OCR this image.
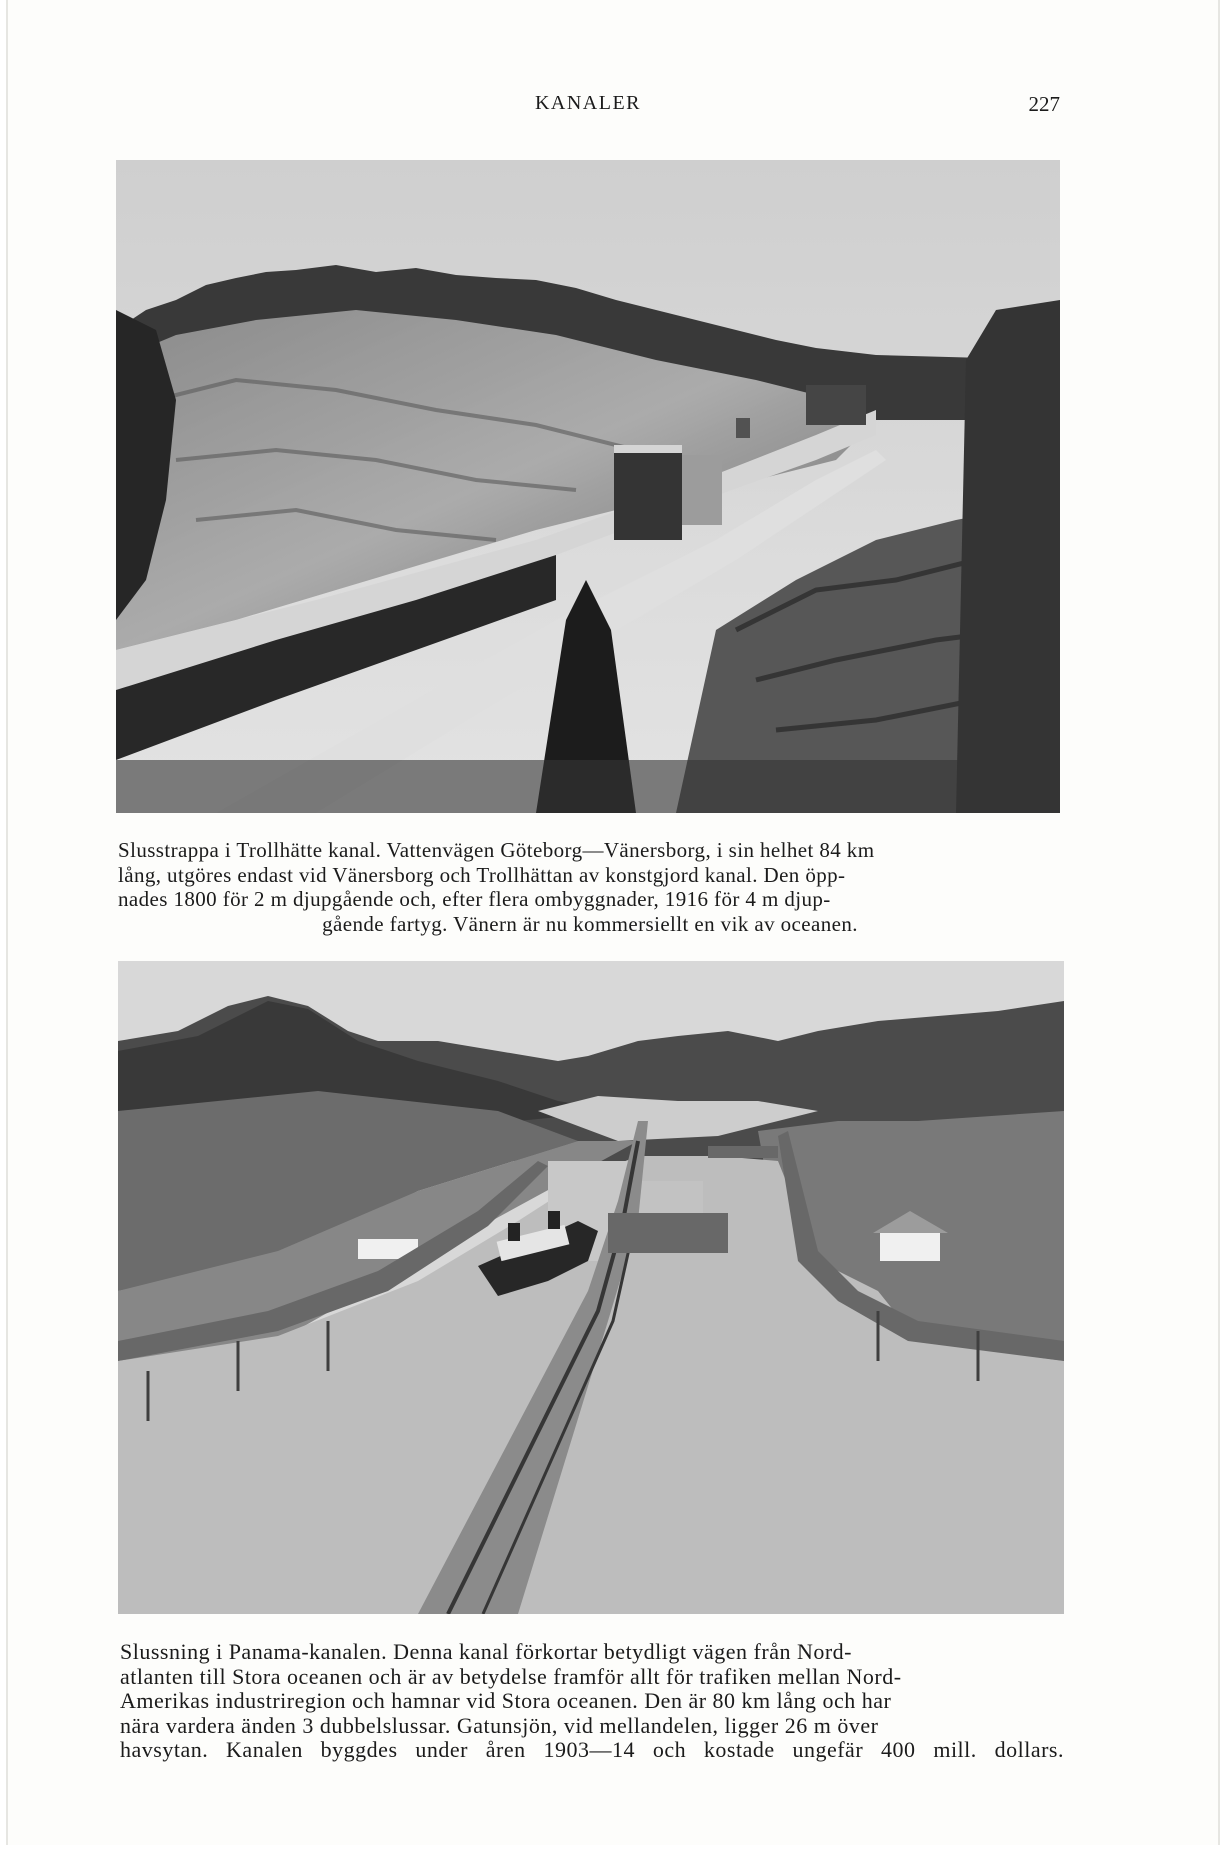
KANALER	227

Slusstrappa i Trollhätte kanal. Vattenvägen Göteborg—Vänersborg, i sin helhet 84 km

lång, utgöres endast vid Vänersborg och Trollhättan av konstgjord kanal. Den öpp-

nades 1800 för 2 m djupgående och, efter flera ombyggnader, 1916 för 4 m djup-

gående fartyg. Vänern är nu kommersiellt en vik av oceanen.

Slussning i Panama-kanalen. Denna kanal förkortar betydligt vägen från Nord-

atlanten till Stora oceanen och är av betydelse framför allt för trafiken mellan Nord-

Amerikas industriregion och hamnar vid Stora oceanen. Den är 80 km lång och har

nära vardera änden 3 dubbelslussar. Gatunsjön, vid mellandelen, ligger 26 m över

havsytan. Kanalen byggdes under åren 1903—14 och kostade ungefär 400 mill. dollars.
